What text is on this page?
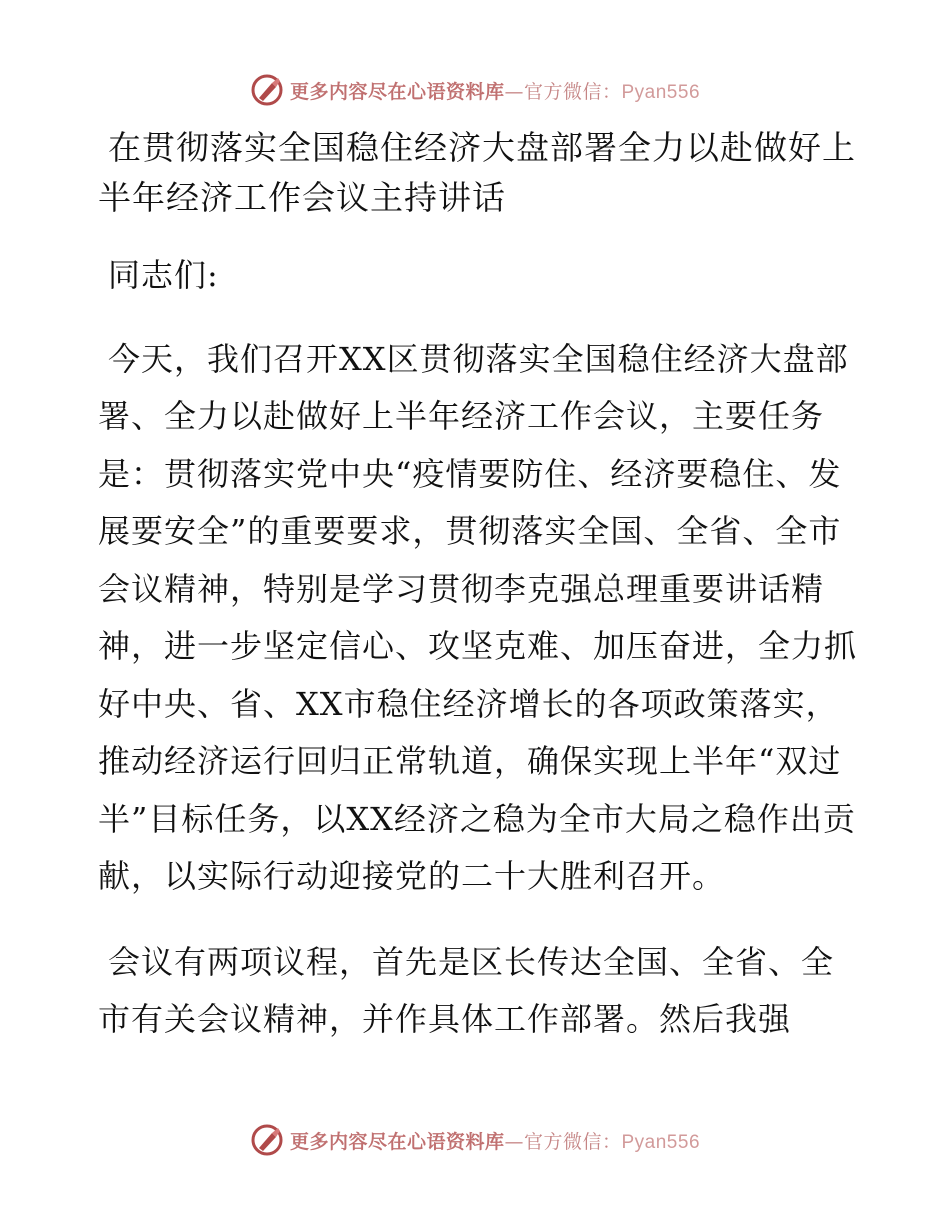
更多内容尽在心语资料库—官方微信：Pyan556
在贯彻落实全国稳住经济大盘部署全力以赴做好上半年经济工作会议主持讲话

同志们:

今天，我们召开XX区贯彻落实全国稳住经济大盘部署、全力以赴做好上半年经济工作会议，主要任务是：贯彻落实党中央“疫情要防住、经济要稳住、发展要安全”的重要要求，贯彻落实全国、全省、全市会议精神，特别是学习贯彻李克强总理重要讲话精神，进一步坚定信心、攻坚克难、加压奋进，全力抓好中央、省、XX市稳住经济增长的各项政策落实，推动经济运行回归正常轨道，确保实现上半年“双过半”目标任务，以XX经济之稳为全市大局之稳作出贡献，以实际行动迎接党的二十大胜利召开。

会议有两项议程，首先是区长传达全国、全省、全市有关会议精神，并作具体工作部署。然后我强

更多内容尽在心语资料库—官方微信：Pyan556
